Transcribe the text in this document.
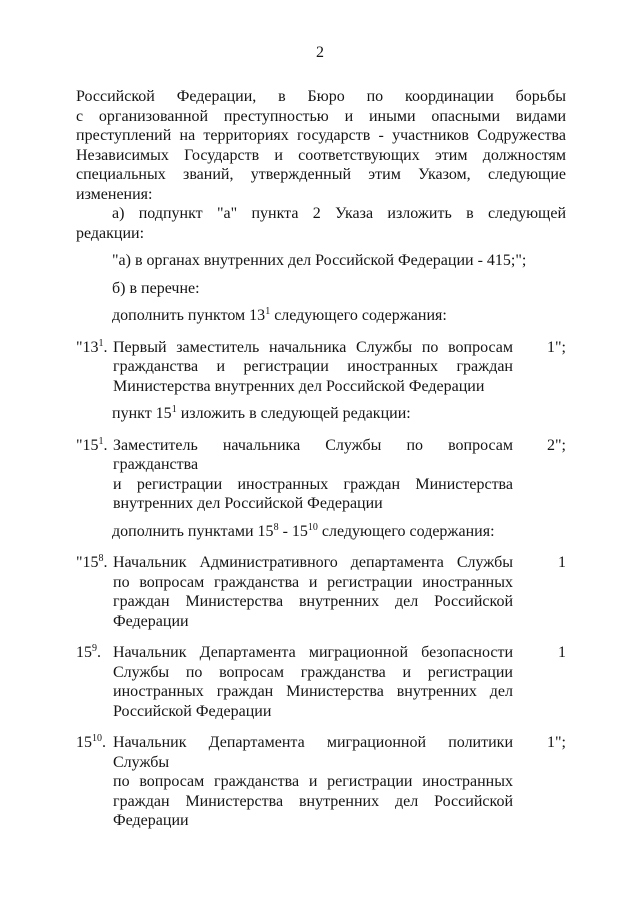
2
Российской Федерации, в Бюро по координации борьбы
с организованной преступностью и иными опасными видами
преступлений на территориях государств - участников Содружества
Независимых Государств и соответствующих этим должностям
специальных званий, утвержденный этим Указом, следующие
изменения:
а) подпункт "а" пункта 2 Указа изложить в следующей
редакции:
"а) в органах внутренних дел Российской Федерации - 415;";
б) в перечне:
дополнить пунктом $13^1$ следующего содержания:
"$13^1$. Первый заместитель начальника Службы по вопросам
гражданства и регистрации иностранных граждан
Министерства внутренних дел Российской Федерации
1";
пункт $15^1$ изложить в следующей редакции:
"$15^1$. Заместитель начальника Службы по вопросам гражданства
и регистрации иностранных граждан Министерства
внутренних дел Российской Федерации
2";
дополнить пунктами $15^8 - 15^{10}$ следующего содержания:
"$15^8$. Начальник Административного департамента Службы
по вопросам гражданства и регистрации иностранных
граждан Министерства внутренних дел Российской
Федерации
1
$15^9$. Начальник Департамента миграционной безопасности
Службы по вопросам гражданства и регистрации
иностранных граждан Министерства внутренних дел
Российской Федерации
1
$15^{10}$. Начальник Департамента миграционной политики Службы
по вопросам гражданства и регистрации иностранных
граждан Министерства внутренних дел Российской
Федерации
1";
